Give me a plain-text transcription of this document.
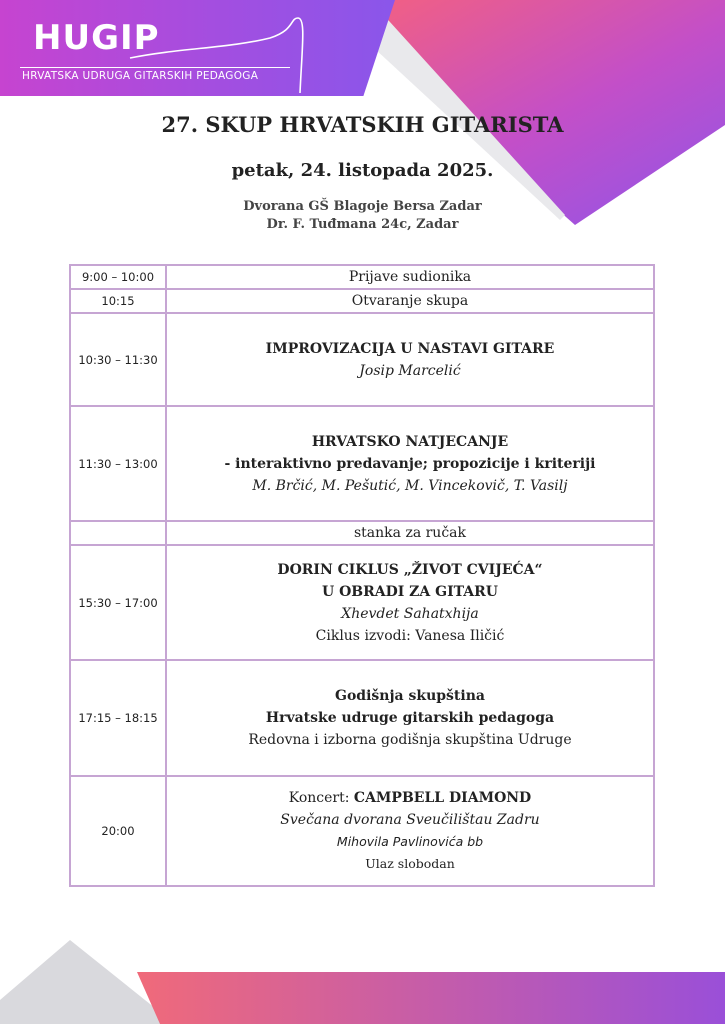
HUGIP
HRVATSKA UDRUGA GITARSKIH PEDAGOGA
27. SKUP HRVATSKIH GITARISTA
petak, 24. listopada 2025.
Dvorana GŠ Blagoje Bersa Zadar
Dr. F. Tuđmana 24c, Zadar
9:00 – 10:00	Prijave sudionika
10:15	Otvaranje skupa
10:30 – 11:30	IMPROVIZACIJA U NASTAVI GITARE
Josip Marcelić

11:30 – 13:00	HRVATSKO NATJECANJE
- interaktivno predavanje; propozicije i kriteriji
M. Brčić, M. Pešutić, M. Vincekovič, T. Vasilj

	stanka za ručak
15:30 – 17:00	DORIN CIKLUS „ŽIVOT CVIJEĆA“
U OBRADI ZA GITARU
Xhevdet Sahatxhija
Ciklus izvodi: Vanesa Iličić

17:15 – 18:15	Godišnja skupština
Hrvatske udruge gitarskih pedagoga
Redovna i izborna godišnja skupština Udruge

20:00	Koncert: CAMPBELL DIAMOND
Svečana dvorana Sveučilištau Zadru
Mihovila Pavlinovića bb
Ulaz slobodan
